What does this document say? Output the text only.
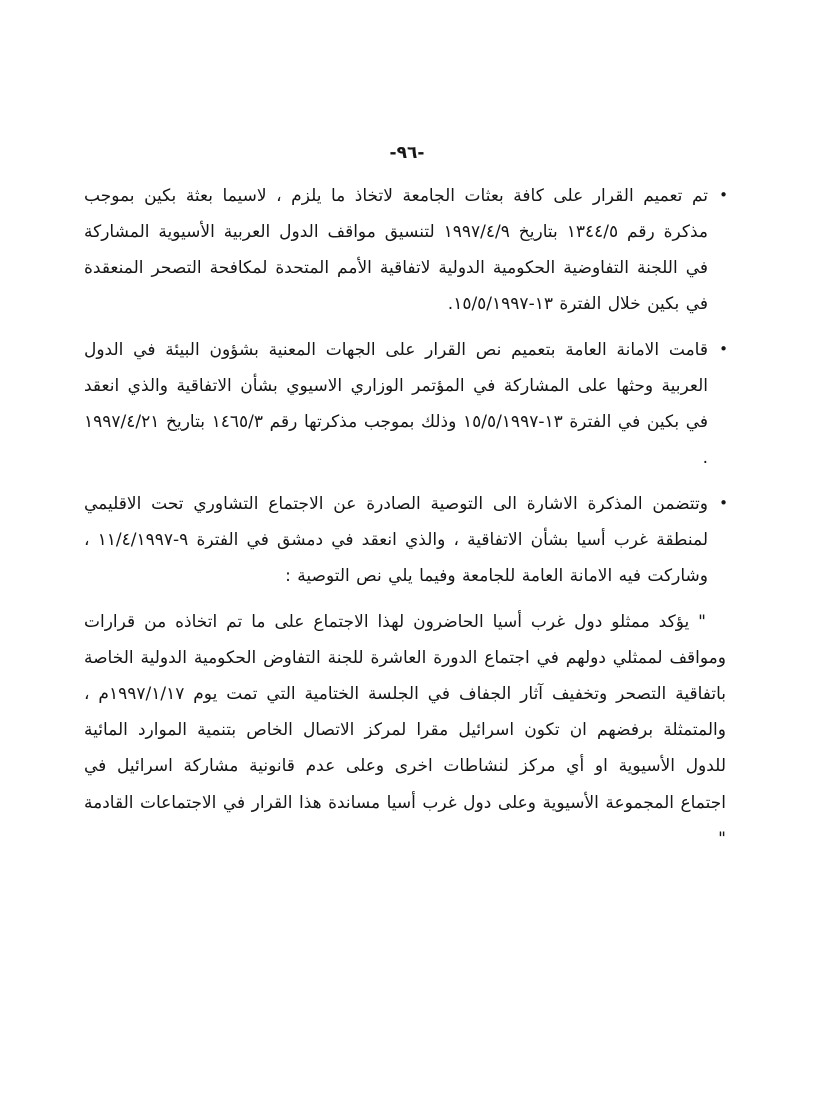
-٩٦-
•

تم تعميم القرار على كافة بعثات الجامعة لاتخاذ ما يلزم ، لاسيما بعثة بكين بموجب مذكرة رقم ١٣٤٤/٥ بتاريخ ١٩٩٧/٤/٩ لتنسيق مواقف الدول العربية الأسيوية المشاركة في اللجنة التفاوضية الحكومية الدولية لاتفاقية الأمم المتحدة لمكافحة التصحر المنعقدة في بكين خلال الفترة ١٣-١٥/٥/١٩٩٧.

•

قامت الامانة العامة بتعميم نص القرار على الجهات المعنية بشؤون البيئة في الدول العربية وحثها على المشاركة في المؤتمر الوزاري الاسيوي بشأن الاتفاقية والذي انعقد في بكين في الفترة ١٣-١٥/٥/١٩٩٧ وذلك بموجب مذكرتها رقم ١٤٦٥/٣ بتاريخ ١٩٩٧/٤/٢١ .

•

وتتضمن المذكرة الاشارة الى التوصية الصادرة عن الاجتماع التشاوري تحت الاقليمي لمنطقة غرب أسيا بشأن الاتفاقية ، والذي انعقد في دمشق في الفترة ٩-١١/٤/١٩٩٧ ، وشاركت فيه الامانة العامة للجامعة وفيما يلي نص التوصية :

" يؤكد ممثلو دول غرب أسيا الحاضرون لهذا الاجتماع على ما تم اتخاذه من قرارات ومواقف لممثلي دولهم في اجتماع الدورة العاشرة للجنة التفاوض الحكومية الدولية الخاصة باتفاقية التصحر وتخفيف آثار الجفاف في الجلسة الختامية التي تمت يوم ١٩٩٧/١/١٧م ، والمتمثلة برفضهم ان تكون اسرائيل مقرا لمركز الاتصال الخاص بتنمية الموارد المائية للدول الأسيوية او أي مركز لنشاطات اخرى وعلى عدم قانونية مشاركة اسرائيل في اجتماع المجموعة الأسيوية وعلى دول غرب أسيا مساندة هذا القرار في الاجتماعات القادمة "
